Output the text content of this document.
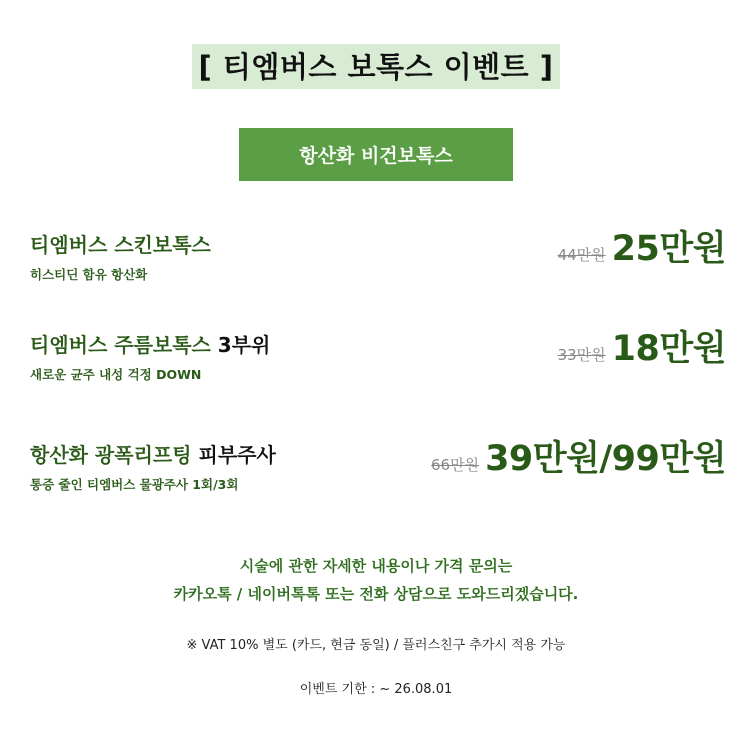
[ 티엠버스 보톡스 이벤트 ]
항산화 비건보톡스
티엠버스 스킨보톡스
히스티딘 함유 항산화
44만원 25만원
티엠버스 주름보톡스 3부위
새로운 균주 내성 걱정 DOWN
33만원 18만원
항산화 광폭리프팅 피부주사
통증 줄인 티엠버스 물광주사 1회/3회
66만원 39만원/99만원
시술에 관한 자세한 내용이나 가격 문의는
카카오톡 / 네이버톡톡 또는 전화 상담으로 도와드리겠습니다.
※ VAT 10% 별도 (카드, 현금 동일) / 플러스친구 추가시 적용 가능
이벤트 기한 : ~ 26.08.01
